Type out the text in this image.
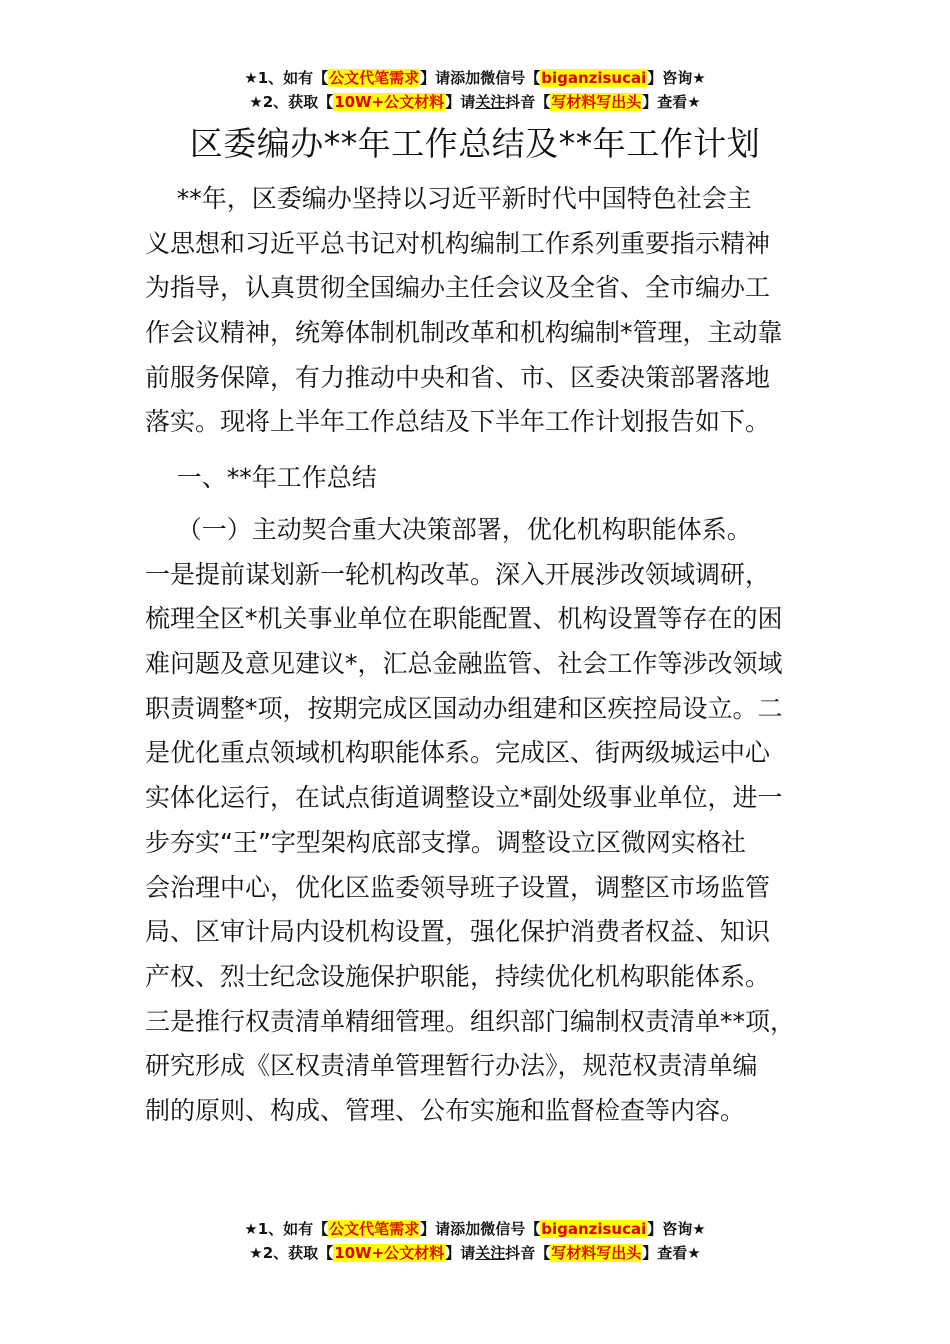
★1、如有【公文代笔需求】请添加微信号【biganzisucai】咨询★
★2、获取【10W+公文材料】请关注抖音【写材料写出头】查看★
区委编办**年工作总结及**年工作计划
**年，区委编办坚持以习近平新时代中国特色社会主
义思想和习近平总书记对机构编制工作系列重要指示精神
为指导，认真贯彻全国编办主任会议及全省、全市编办工
作会议精神，统筹体制机制改革和机构编制*管理，主动靠
前服务保障，有力推动中央和省、市、区委决策部署落地
落实。现将上半年工作总结及下半年工作计划报告如下。
一、**年工作总结
（一）主动契合重大决策部署，优化机构职能体系。
一是提前谋划新一轮机构改革。深入开展涉改领域调研，
梳理全区*机关事业单位在职能配置、机构设置等存在的困
难问题及意见建议*，汇总金融监管、社会工作等涉改领域
职责调整*项，按期完成区国动办组建和区疾控局设立。二
是优化重点领域机构职能体系。完成区、街两级城运中心
实体化运行，在试点街道调整设立*副处级事业单位，进一
步夯实“王”字型架构底部支撑。调整设立区微网实格社
会治理中心，优化区监委领导班子设置，调整区市场监管
局、区审计局内设机构设置，强化保护消费者权益、知识
产权、烈士纪念设施保护职能，持续优化机构职能体系。
三是推行权责清单精细管理。组织部门编制权责清单**项，
研究形成《区权责清单管理暂行办法》，规范权责清单编
制的原则、构成、管理、公布实施和监督检查等内容。
★1、如有【公文代笔需求】请添加微信号【biganzisucai】咨询★
★2、获取【10W+公文材料】请关注抖音【写材料写出头】查看★
